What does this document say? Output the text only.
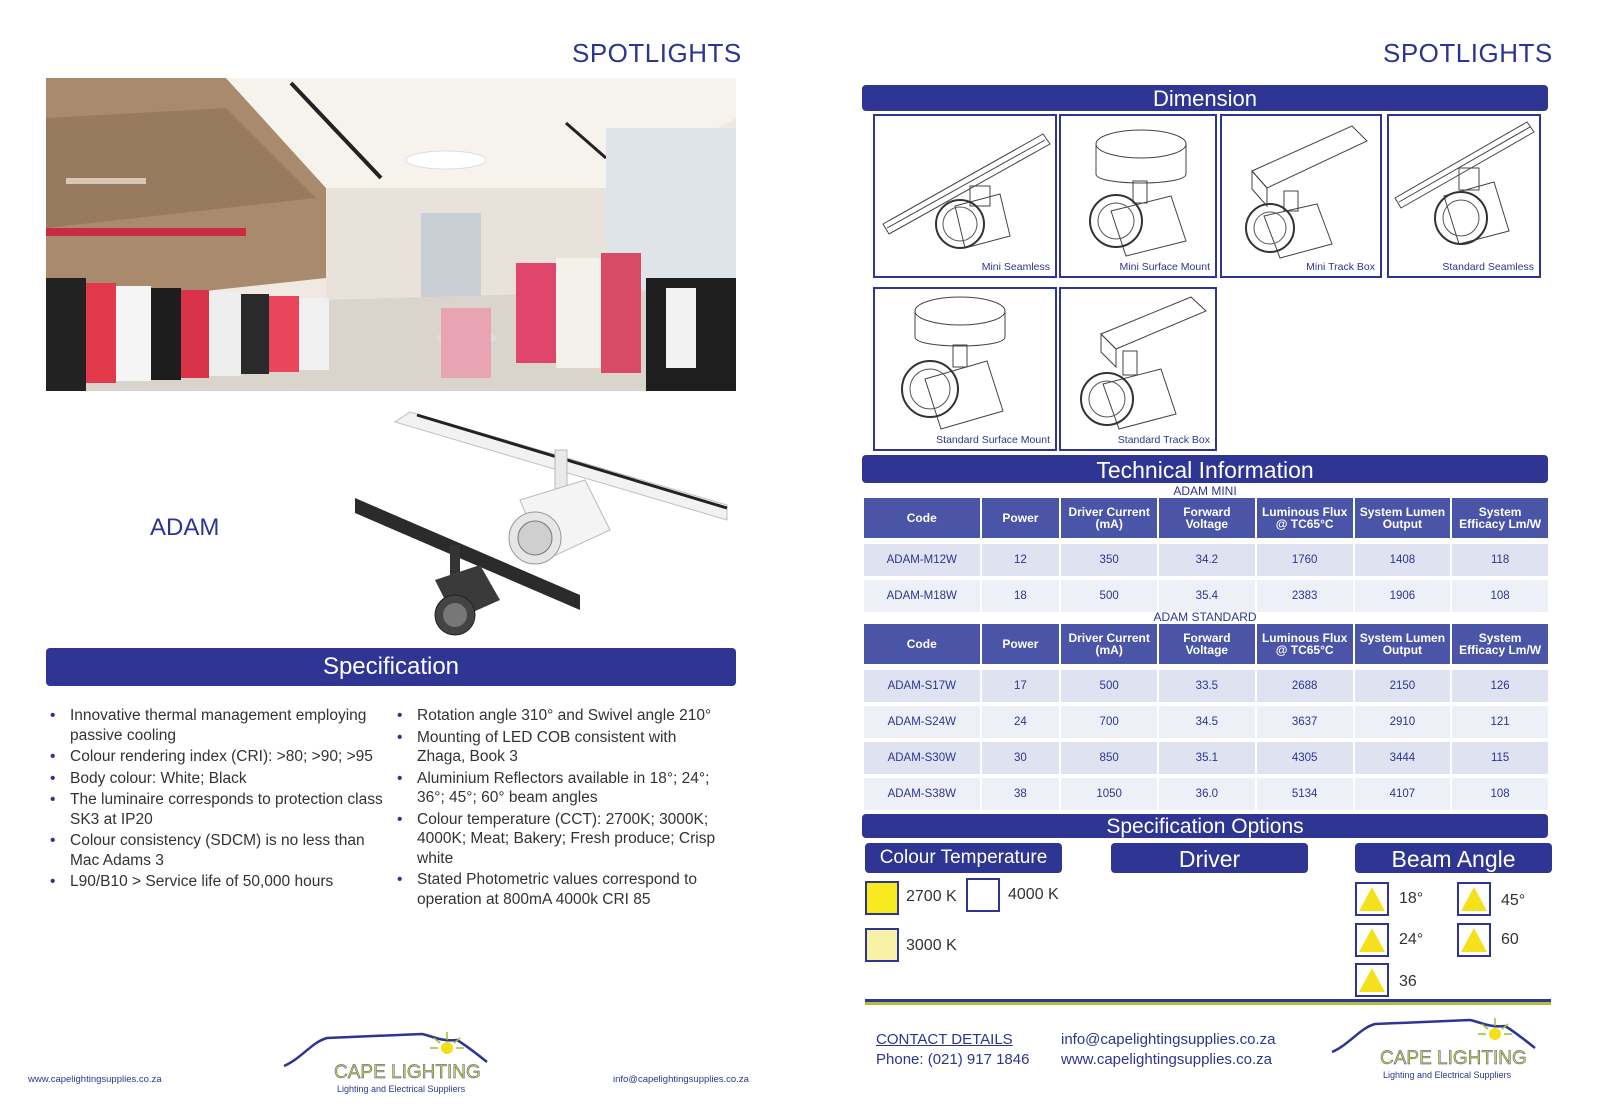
SPOTLIGHTS
ADAM
Specification
• Innovative thermal management employing passive cooling
• Colour rendering index (CRI): >80; >90; >95
• Body colour: White; Black
• The luminaire corresponds to protection class SK3 at IP20
• Colour consistency (SDCM) is no less than Mac Adams 3
• L90/B10 > Service life of 50,000 hours
• Rotation angle 310° and Swivel angle 210°
• Mounting of LED COB consistent with Zhaga, Book 3
• Aluminium Reflectors available in 18°; 24°; 36°; 45°; 60° beam angles
• Colour temperature (CCT): 2700K; 3000K; 4000K; Meat; Bakery; Fresh produce; Crisp white
• Stated Photometric values correspond to operation at 800mA 4000k CRI 85
www.capelightingsupplies.co.za	info@capelightingsupplies.co.za
CAPE LIGHTING
Lighting and Electrical Suppliers
SPOTLIGHTS
Dimension
Mini Seamless	Mini Surface Mount	Mini Track Box	Standard Seamless
Standard Surface Mount	Standard Track Box
Technical Information
ADAM MINI
Code	Power	Driver Current (mA)	Forward Voltage	Luminous Flux @ TC65°C	System Lumen Output	System Efficacy Lm/W

ADAM-M12W	12	350	34.2	1760	1408	118

ADAM-M18W	18	500	35.4	2383	1906	108
ADAM STANDARD
Code	Power	Driver Current (mA)	Forward Voltage	Luminous Flux @ TC65°C	System Lumen Output	System Efficacy Lm/W

ADAM-S17W	17	500	33.5	2688	2150	126

ADAM-S24W	24	700	34.5	3637	2910	121

ADAM-S30W	30	850	35.1	4305	3444	115

ADAM-S38W	38	1050	36.0	5134	4107	108
Specification Options
Colour Temperature	Driver	Beam Angle
2700 K	4000 K
3000 K
18°	45°
24°	60
36
CONTACT DETAILS
Phone: (021) 917 1846
info@capelightingsupplies.co.za
www.capelightingsupplies.co.za	CAPE LIGHTING
Lighting and Electrical Suppliers
